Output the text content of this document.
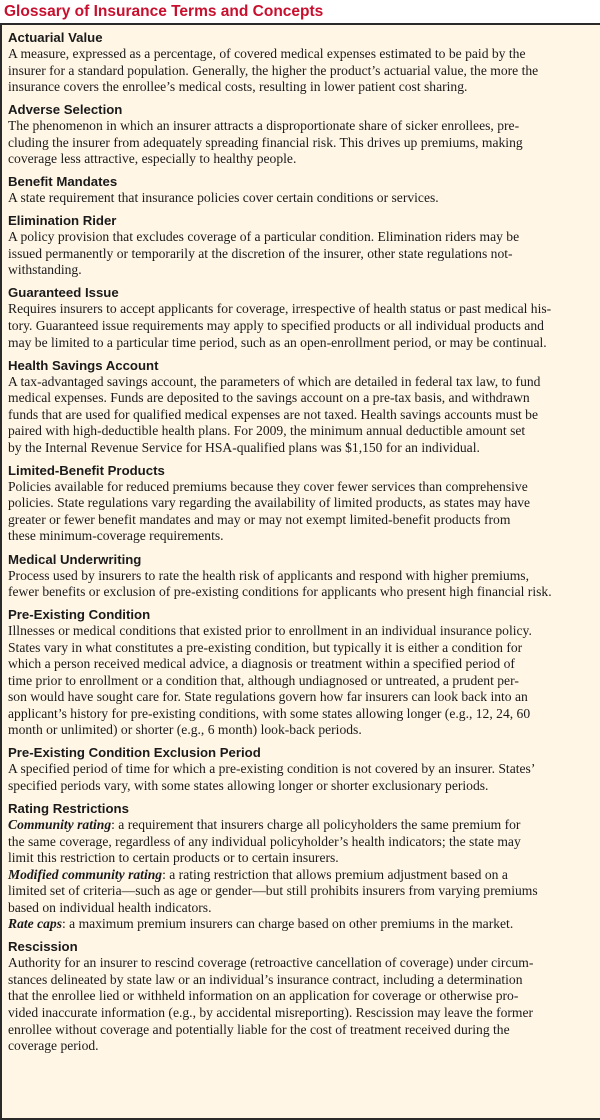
Glossary of Insurance Terms and Concepts
Actuarial Value
A measure, expressed as a percentage, of covered medical expenses estimated to be paid by the
insurer for a standard population. Generally, the higher the product’s actuarial value, the more the
insurance covers the enrollee’s medical costs, resulting in lower patient cost sharing.
Adverse Selection
The phenomenon in which an insurer attracts a disproportionate share of sicker enrollees, pre-
cluding the insurer from adequately spreading financial risk. This drives up premiums, making
coverage less attractive, especially to healthy people.
Benefit Mandates
A state requirement that insurance policies cover certain conditions or services.
Elimination Rider
A policy provision that excludes coverage of a particular condition. Elimination riders may be
issued permanently or temporarily at the discretion of the insurer, other state regulations not-
withstanding.
Guaranteed Issue
Requires insurers to accept applicants for coverage, irrespective of health status or past medical his-
tory. Guaranteed issue requirements may apply to specified products or all individual products and
may be limited to a particular time period, such as an open-enrollment period, or may be continual.
Health Savings Account
A tax-advantaged savings account, the parameters of which are detailed in federal tax law, to fund
medical expenses. Funds are deposited to the savings account on a pre-tax basis, and withdrawn
funds that are used for qualified medical expenses are not taxed. Health savings accounts must be
paired with high-deductible health plans. For 2009, the minimum annual deductible amount set
by the Internal Revenue Service for HSA-qualified plans was $1,150 for an individual.
Limited-Benefit Products
Policies available for reduced premiums because they cover fewer services than comprehensive
policies. State regulations vary regarding the availability of limited products, as states may have
greater or fewer benefit mandates and may or may not exempt limited-benefit products from
these minimum-coverage requirements.
Medical Underwriting
Process used by insurers to rate the health risk of applicants and respond with higher premiums,
fewer benefits or exclusion of pre-existing conditions for applicants who present high financial risk.
Pre-Existing Condition
Illnesses or medical conditions that existed prior to enrollment in an individual insurance policy.
States vary in what constitutes a pre-existing condition, but typically it is either a condition for
which a person received medical advice, a diagnosis or treatment within a specified period of
time prior to enrollment or a condition that, although undiagnosed or untreated, a prudent per-
son would have sought care for. State regulations govern how far insurers can look back into an
applicant’s history for pre-existing conditions, with some states allowing longer (e.g., 12, 24, 60
month or unlimited) or shorter (e.g., 6 month) look-back periods.
Pre-Existing Condition Exclusion Period
A specified period of time for which a pre-existing condition is not covered by an insurer. States’
specified periods vary, with some states allowing longer or shorter exclusionary periods.
Rating Restrictions
Community rating: a requirement that insurers charge all policyholders the same premium for
the same coverage, regardless of any individual policyholder’s health indicators; the state may
limit this restriction to certain products or to certain insurers.
Modified community rating: a rating restriction that allows premium adjustment based on a
limited set of criteria—such as age or gender—but still prohibits insurers from varying premiums
based on individual health indicators.
Rate caps: a maximum premium insurers can charge based on other premiums in the market.
Rescission
Authority for an insurer to rescind coverage (retroactive cancellation of coverage) under circum-
stances delineated by state law or an individual’s insurance contract, including a determination
that the enrollee lied or withheld information on an application for coverage or otherwise pro-
vided inaccurate information (e.g., by accidental misreporting). Rescission may leave the former
enrollee without coverage and potentially liable for the cost of treatment received during the
coverage period.
